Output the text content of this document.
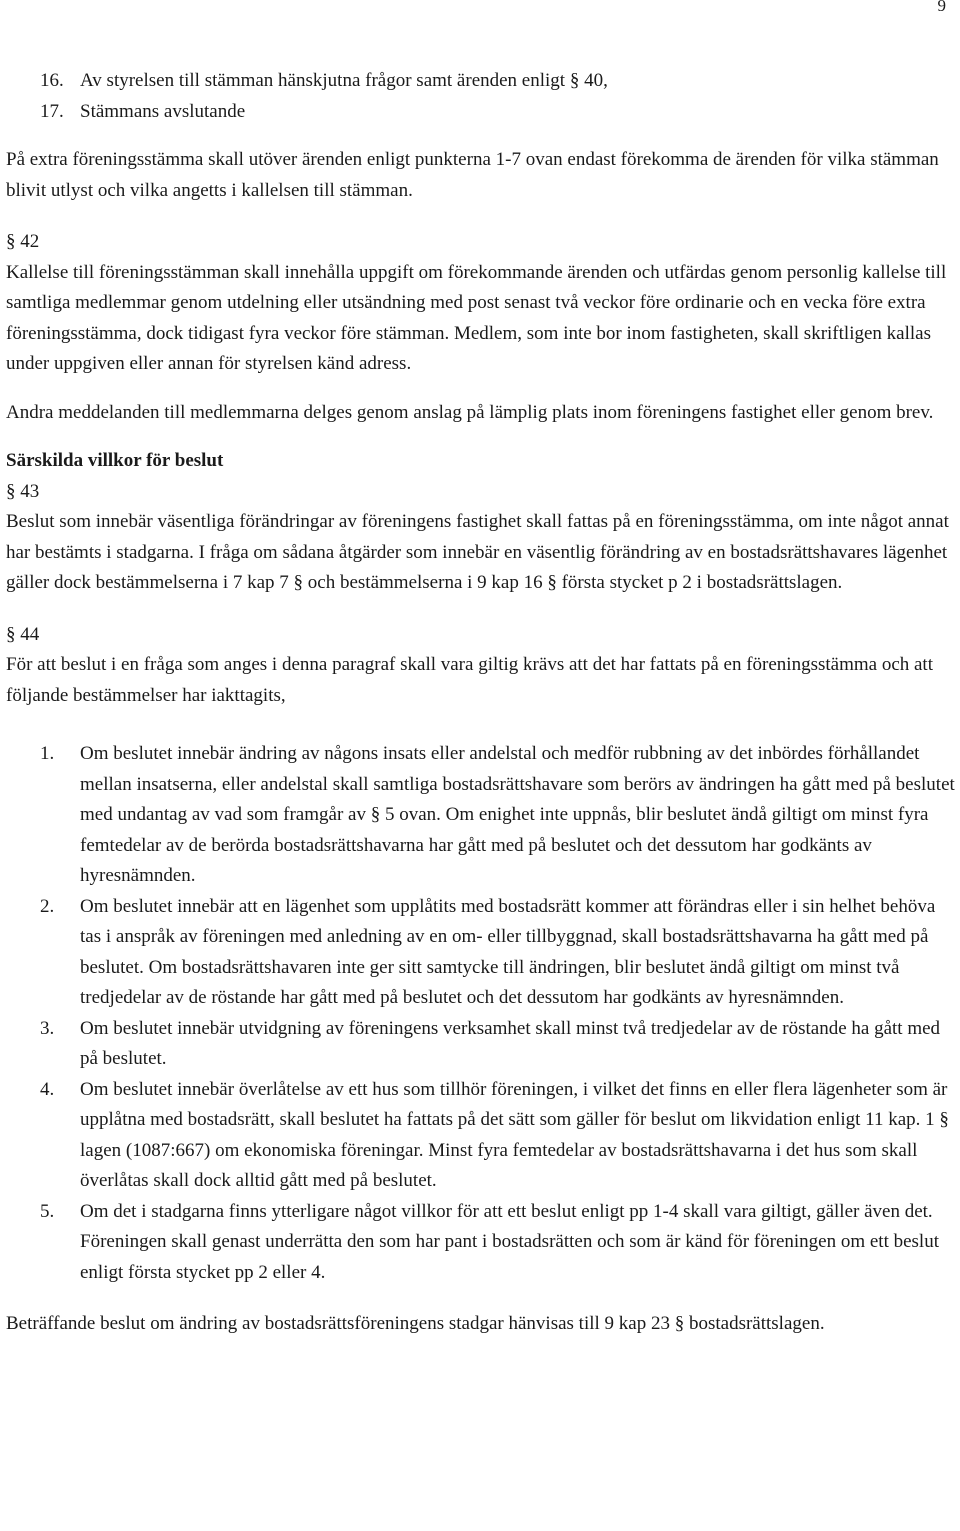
9
16. Av styrelsen till stämman hänskjutna frågor samt ärenden enligt § 40,
17. Stämmans avslutande

På extra föreningsstämma skall utöver ärenden enligt punkterna 1-7 ovan endast förekomma de ärenden för vilka stämman blivit utlyst och vilka angetts i kallelsen till stämman.

§ 42

Kallelse till föreningsstämman skall innehålla uppgift om förekommande ärenden och utfärdas genom personlig kallelse till samtliga medlemmar genom utdelning eller utsändning med post senast två veckor före ordinarie och en vecka före extra föreningsstämma, dock tidigast fyra veckor före stämman. Medlem, som inte bor inom fastigheten, skall skriftligen kallas under uppgiven eller annan för styrelsen känd adress.

Andra meddelanden till medlemmarna delges genom anslag på lämplig plats inom föreningens fastighet eller genom brev.

Särskilda villkor för beslut

§ 43

Beslut som innebär väsentliga förändringar av föreningens fastighet skall fattas på en föreningsstämma, om inte något annat har bestämts i stadgarna. I fråga om sådana åtgärder som innebär en väsentlig förändring av en bostadsrättshavares lägenhet gäller dock bestämmelserna i 7 kap 7 § och bestämmelserna i 9 kap 16 § första stycket p 2 i bostadsrättslagen.

§ 44

För att beslut i en fråga som anges i denna paragraf skall vara giltig krävs att det har fattats på en föreningsstämma och att följande bestämmelser har iakttagits,

1. Om beslutet innebär ändring av någons insats eller andelstal och medför rubbning av det inbördes förhållandet mellan insatserna, eller andelstal skall samtliga bostadsrättshavare som berörs av ändringen ha gått med på beslutet med undantag av vad som framgår av § 5 ovan. Om enighet inte uppnås, blir beslutet ändå giltigt om minst fyra femtedelar av de berörda bostadsrättshavarna har gått med på beslutet och det dessutom har godkänts av hyresnämnden.
2. Om beslutet innebär att en lägenhet som upplåtits med bostadsrätt kommer att förändras eller i sin helhet behöva tas i anspråk av föreningen med anledning av en om- eller tillbyggnad, skall bostadsrättshavarna ha gått med på beslutet. Om bostadsrättshavaren inte ger sitt samtycke till ändringen, blir beslutet ändå giltigt om minst två tredjedelar av de röstande har gått med på beslutet och det dessutom har godkänts av hyresnämnden.
3. Om beslutet innebär utvidgning av föreningens verksamhet skall minst två tredjedelar av de röstande ha gått med på beslutet.
4. Om beslutet innebär överlåtelse av ett hus som tillhör föreningen, i vilket det finns en eller flera lägenheter som är upplåtna med bostadsrätt, skall beslutet ha fattats på det sätt som gäller för beslut om likvidation enligt 11 kap. 1 § lagen (1087:667) om ekonomiska föreningar. Minst fyra femtedelar av bostadsrättshavarna i det hus som skall överlåtas skall dock alltid gått med på beslutet.
5. Om det i stadgarna finns ytterligare något villkor för att ett beslut enligt pp 1-4 skall vara giltigt, gäller även det. Föreningen skall genast underrätta den som har pant i bostadsrätten och som är känd för föreningen om ett beslut enligt första stycket pp 2 eller 4.

Beträffande beslut om ändring av bostadsrättsföreningens stadgar hänvisas till 9 kap 23 § bostadsrättslagen.
